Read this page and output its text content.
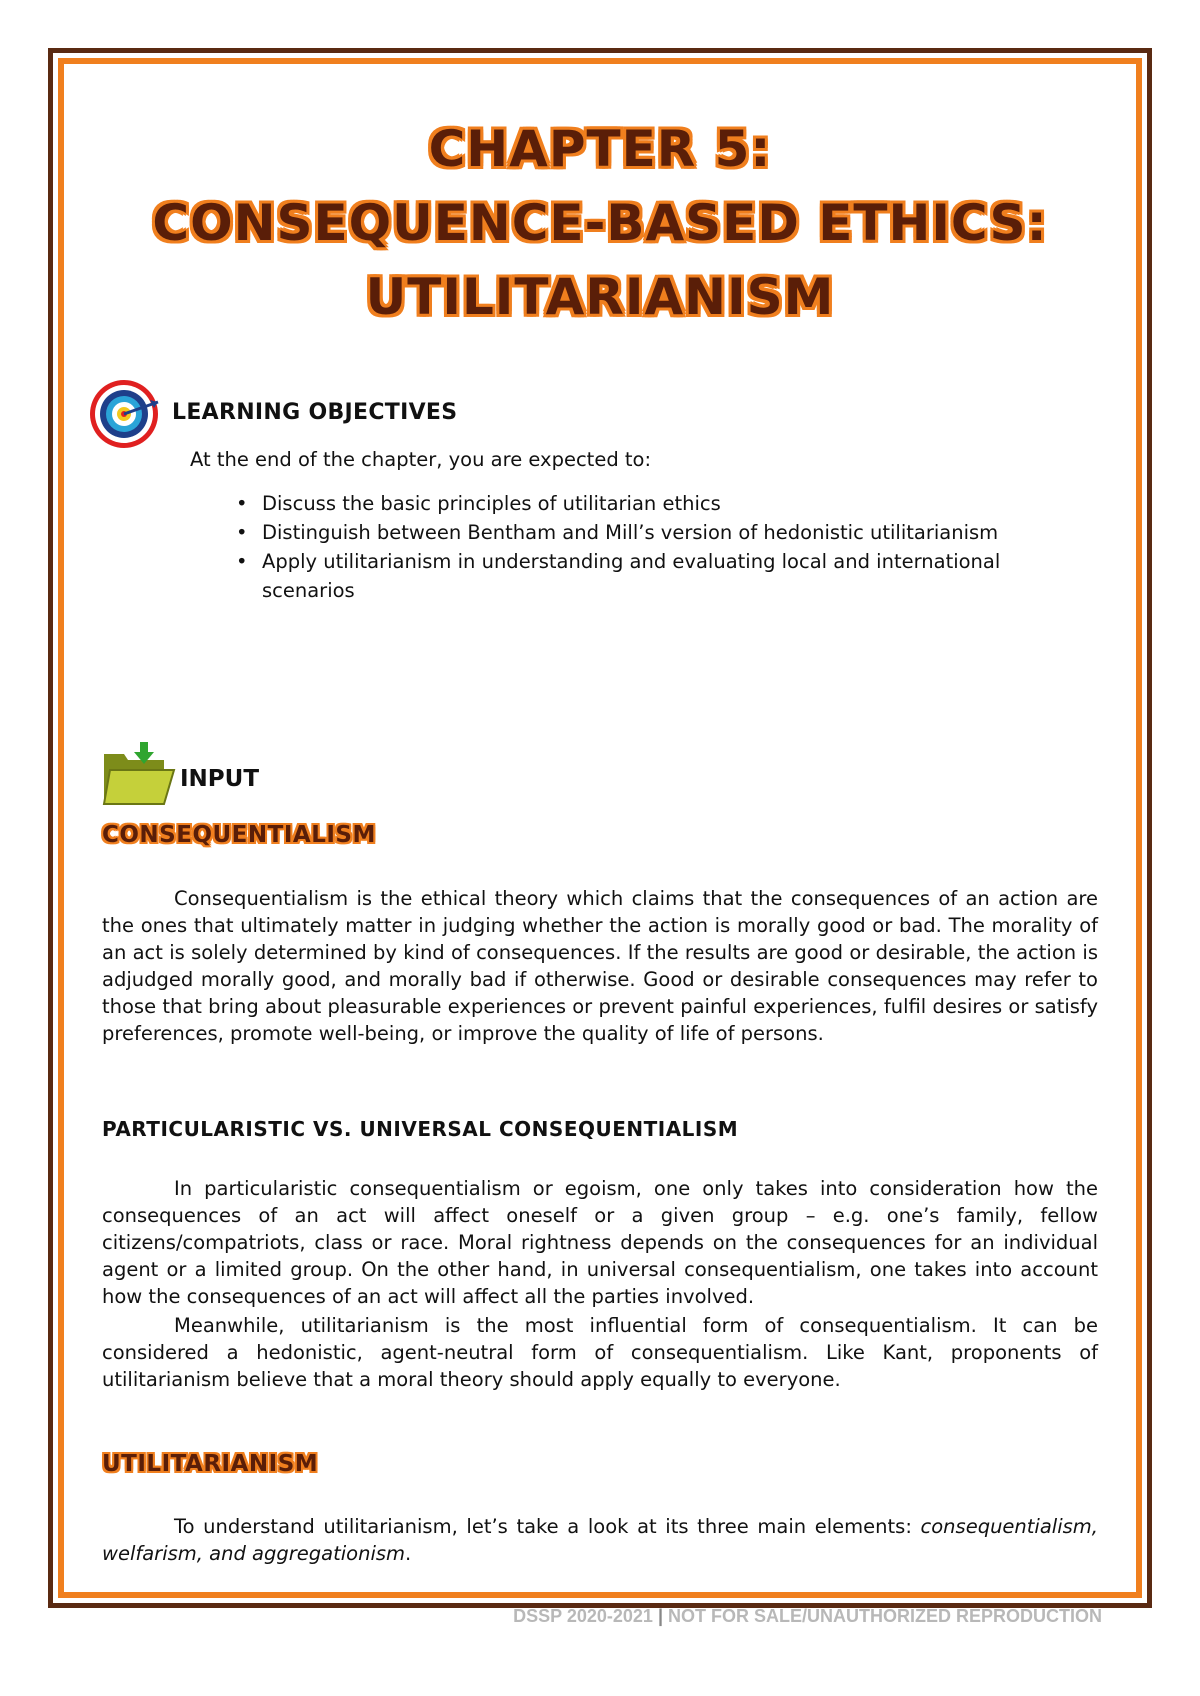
CHAPTER 5:
CONSEQUENCE-BASED ETHICS:
UTILITARIANISM
LEARNING OBJECTIVES
At the end of the chapter, you are expected to:
• Discuss the basic principles of utilitarian ethics
• Distinguish between Bentham and Mill’s version of hedonistic utilitarianism
• Apply utilitarianism in understanding and evaluating local and international scenarios
INPUT
CONSEQUENTIALISM

Consequentialism is the ethical theory which claims that the consequences of an action are the ones that ultimately matter in judging whether the action is morally good or bad. The morality of an act is solely determined by kind of consequences. If the results are good or desirable, the action is adjudged morally good, and morally bad if otherwise. Good or desirable consequences may refer to those that bring about pleasurable experiences or prevent painful experiences, fulfil desires or satisfy preferences, promote well-being, or improve the quality of life of persons.

PARTICULARISTIC VS. UNIVERSAL CONSEQUENTIALISM

In particularistic consequentialism or egoism, one only takes into consideration how the consequences of an act will affect oneself or a given group – e.g. one’s family, fellow citizens/compatriots, class or race. Moral rightness depends on the consequences for an individual agent or a limited group. On the other hand, in universal consequentialism, one takes into account how the consequences of an act will affect all the parties involved.

Meanwhile, utilitarianism is the most influential form of consequentialism. It can be considered a hedonistic, agent-neutral form of consequentialism. Like Kant, proponents of utilitarianism believe that a moral theory should apply equally to everyone.

UTILITARIANISM

To understand utilitarianism, let’s take a look at its three main elements: consequentialism, welfarism, and aggregationism.

DSSP 2020-2021 | NOT FOR SALE/UNAUTHORIZED REPRODUCTION
